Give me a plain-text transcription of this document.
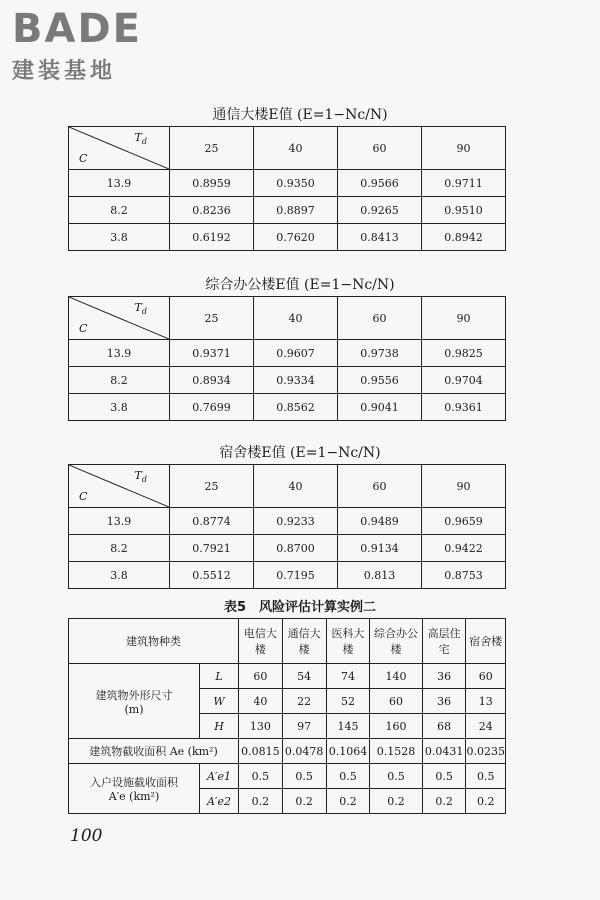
BADE
建装基地
通信大楼E值 (E=1−Nc/N)
$T_d$
C	25	40	60	90
13.9	0.8959	0.9350	0.9566	0.9711
8.2	0.8236	0.8897	0.9265	0.9510
3.8	0.6192	0.7620	0.8413	0.8942
综合办公楼E值 (E=1−Nc/N)
$T_d$
C	25	40	60	90
13.9	0.9371	0.9607	0.9738	0.9825
8.2	0.8934	0.9334	0.9556	0.9704
3.8	0.7699	0.8562	0.9041	0.9361
宿舍楼E值 (E=1−Nc/N)
$T_d$
C	25	40	60	90
13.9	0.8774	0.9233	0.9489	0.9659
8.2	0.7921	0.8700	0.9134	0.9422
3.8	0.5512	0.7195	0.813	0.8753
表5　风险评估计算实例二
建筑物种类		电信大楼	通信大楼	医科大楼	综合办公楼	高层住宅	宿舍楼

建筑物外形尺寸
(m)	L	60	54	74	140	36	60
	W	40	22	52	60	36	13
	H	130	97	145	160	68	24
建筑物截收面积 Ae (km²)		0.0815	0.0478	0.1064	0.1528	0.0431	0.0235

入户设施截收面积
A′e (km²)	A′e1	0.5	0.5	0.5	0.5	0.5	0.5
	A′e2	0.2	0.2	0.2	0.2	0.2	0.2
100
